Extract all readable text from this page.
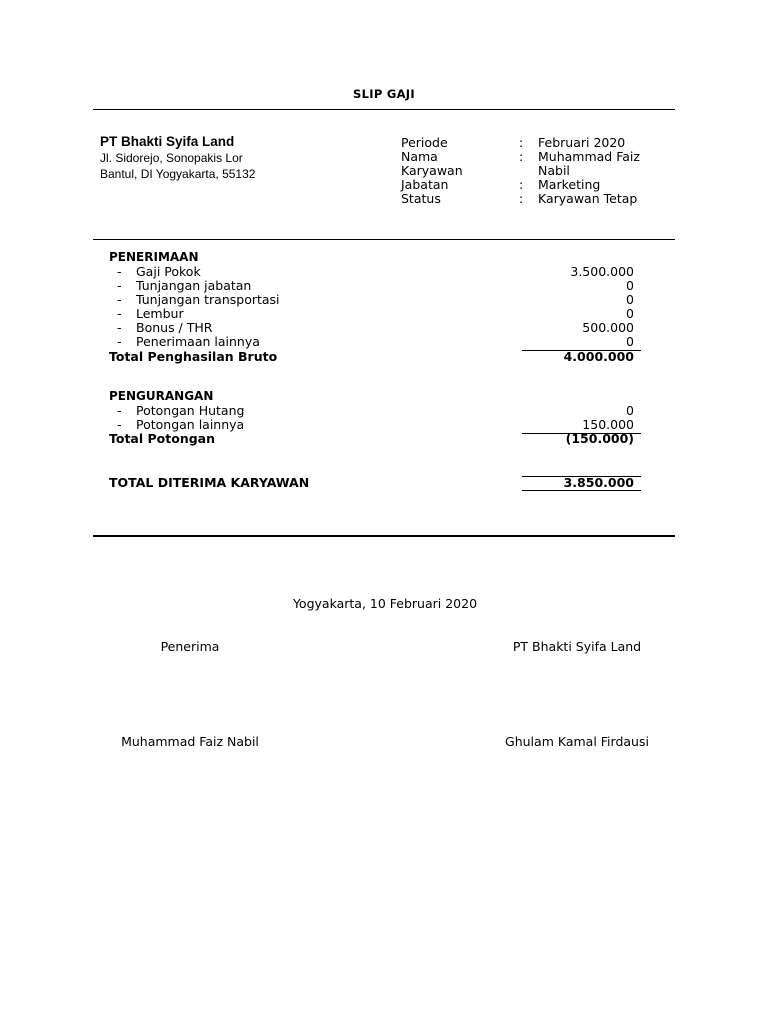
SLIP GAJI
PT Bhakti Syifa Land
Jl. Sidorejo, Sonopakis Lor
Bantul, DI Yogyakarta, 55132
Periode	: Februari 2020
Nama	: Muhammad Faiz
Karyawan	Nabil
Jabatan	: Marketing
Status	: Karyawan Tetap
PENERIMAAN
- Gaji Pokok	3.500.000
- Tunjangan jabatan	0
- Tunjangan transportasi	0
- Lembur	0
- Bonus / THR	500.000
- Penerimaan lainnya	0
Total Penghasilan Bruto	4.000.000
PENGURANGAN
- Potongan Hutang	0
- Potongan lainnya	150.000
Total Potongan	(150.000)
TOTAL DITERIMA KARYAWAN	3.850.000
Yogyakarta, 10 Februari 2020
Penerima	PT Bhakti Syifa Land
Muhammad Faiz Nabil	Ghulam Kamal Firdausi
